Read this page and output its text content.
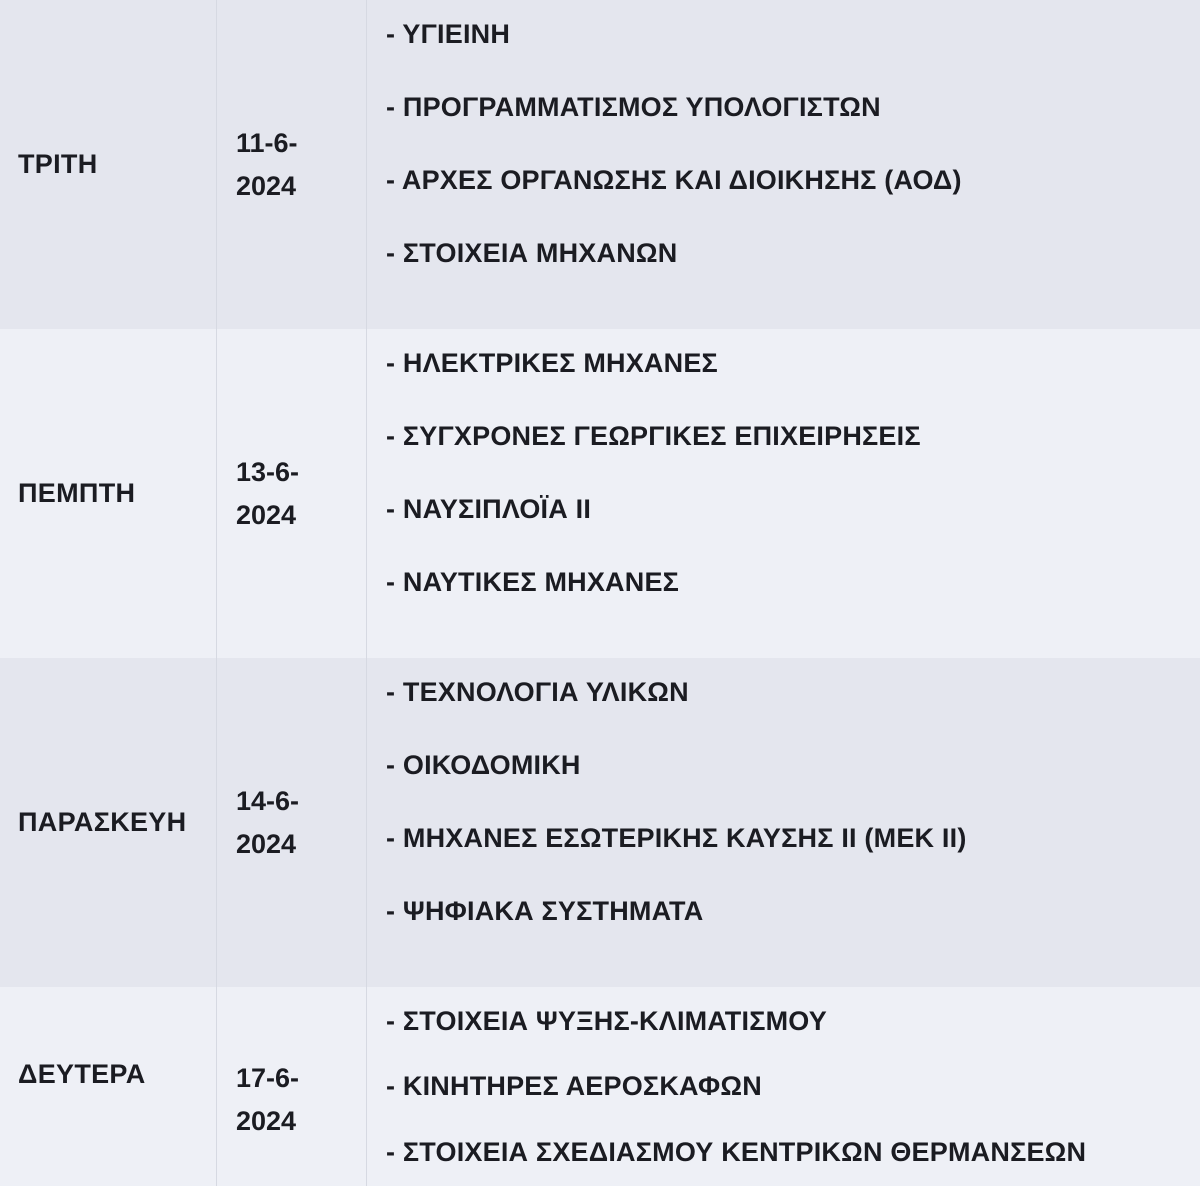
ΤΡΙΤΗ
11-6-
2024
- ΥΓΙΕΙΝΗ
- ΠΡΟΓΡΑΜΜΑΤΙΣΜΟΣ ΥΠΟΛΟΓΙΣΤΩΝ
- ΑΡΧΕΣ ΟΡΓΑΝΩΣΗΣ ΚΑΙ ΔΙΟΙΚΗΣΗΣ (ΑΟΔ)
- ΣΤΟΙΧΕΙΑ ΜΗΧΑΝΩΝ
ΠΕΜΠΤΗ
13-6-
2024
- ΗΛΕΚΤΡΙΚΕΣ ΜΗΧΑΝΕΣ
- ΣΥΓΧΡΟΝΕΣ ΓΕΩΡΓΙΚΕΣ ΕΠΙΧΕΙΡΗΣΕΙΣ
- ΝΑΥΣΙΠΛΟΪΑ ΙΙ
- ΝΑΥΤΙΚΕΣ ΜΗΧΑΝΕΣ
ΠΑΡΑΣΚΕΥΗ
14-6-
2024
- ΤΕΧΝΟΛΟΓΙΑ ΥΛΙΚΩΝ
- ΟΙΚΟΔΟΜΙΚΗ
- ΜΗΧΑΝΕΣ ΕΣΩΤΕΡΙΚΗΣ ΚΑΥΣΗΣ ΙΙ (ΜΕΚ ΙΙ)
- ΨΗΦΙΑΚΑ ΣΥΣΤΗΜΑΤΑ
ΔΕΥΤΕΡΑ	17-6-
2024
- ΣΤΟΙΧΕΙΑ ΨΥΞΗΣ-ΚΛΙΜΑΤΙΣΜΟΥ
- ΚΙΝΗΤΗΡΕΣ ΑΕΡΟΣΚΑΦΩΝ
- ΣΤΟΙΧΕΙΑ ΣΧΕΔΙΑΣΜΟΥ ΚΕΝΤΡΙΚΩΝ ΘΕΡΜΑΝΣΕΩΝ
